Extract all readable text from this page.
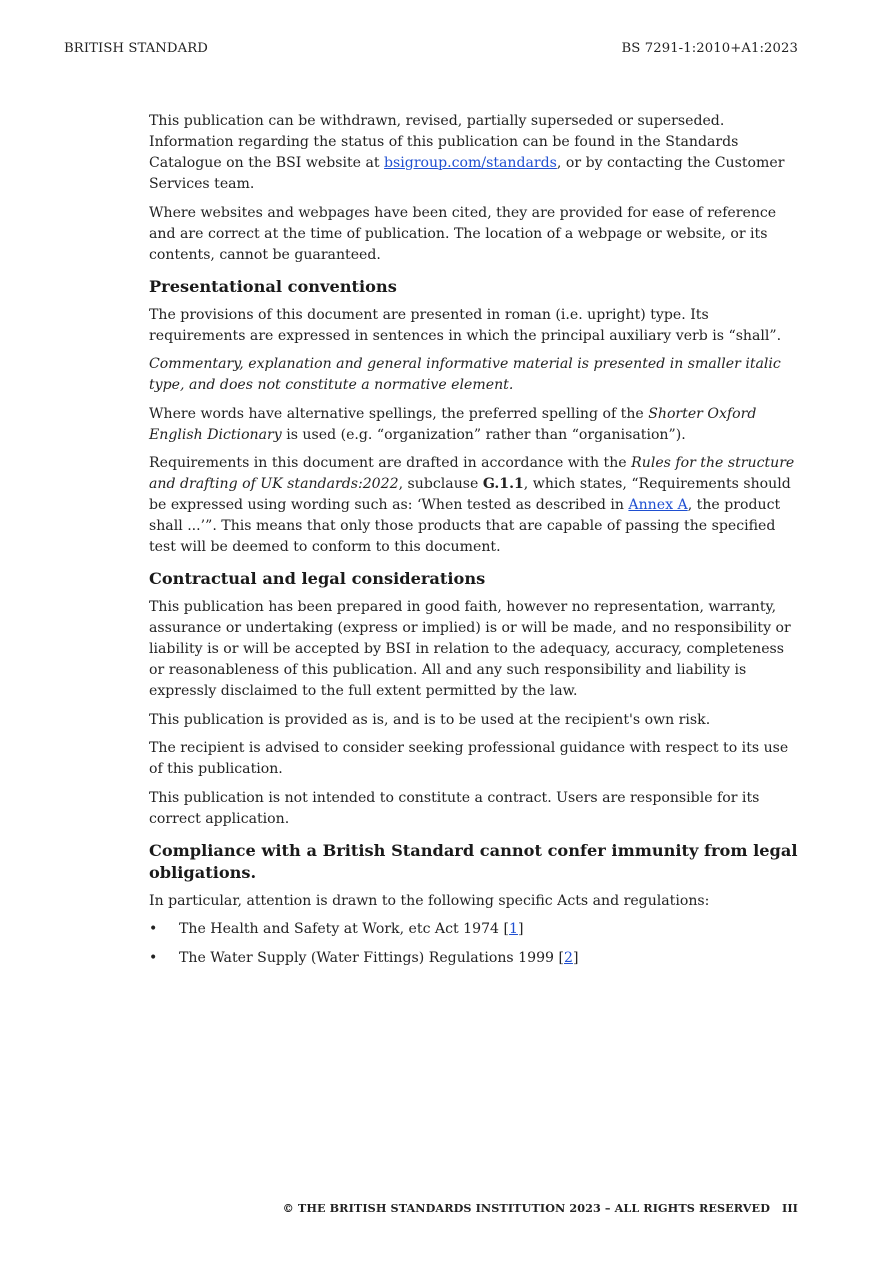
BRITISH STANDARD	BS 7291-1:2010+A1:2023

This publication can be withdrawn, revised, partially superseded or superseded. Information regarding the status of this publication can be found in the Standards Catalogue on the BSI website at bsigroup.com/standards, or by contacting the Customer Services team.

Where websites and webpages have been cited, they are provided for ease of reference and are correct at the time of publication. The location of a webpage or website, or its contents, cannot be guaranteed.

Presentational conventions

The provisions of this document are presented in roman (i.e. upright) type. Its requirements are expressed in sentences in which the principal auxiliary verb is “shall”.

Commentary, explanation and general informative material is presented in smaller italic type, and does not constitute a normative element.

Where words have alternative spellings, the preferred spelling of the Shorter Oxford English Dictionary is used (e.g. “organization” rather than “organisation”).

Requirements in this document are drafted in accordance with the Rules for the structure and drafting of UK standards:2022, subclause G.1.1, which states, “Requirements should be expressed using wording such as: ‘When tested as described in Annex A, the product shall ...’”. This means that only those products that are capable of passing the specified test will be deemed to conform to this document.

Contractual and legal considerations

This publication has been prepared in good faith, however no representation, warranty, assurance or undertaking (express or implied) is or will be made, and no responsibility or liability is or will be accepted by BSI in relation to the adequacy, accuracy, completeness or reasonableness of this publication. All and any such responsibility and liability is expressly disclaimed to the full extent permitted by the law.

This publication is provided as is, and is to be used at the recipient's own risk.

The recipient is advised to consider seeking professional guidance with respect to its use of this publication.

This publication is not intended to constitute a contract. Users are responsible for its correct application.

Compliance with a British Standard cannot confer immunity from legal obligations.

In particular, attention is drawn to the following specific Acts and regulations:

• The Health and Safety at Work, etc Act 1974 [1]
• The Water Supply (Water Fittings) Regulations 1999 [2]
© THE BRITISH STANDARDS INSTITUTION 2023 – ALL RIGHTS RESERVED III
